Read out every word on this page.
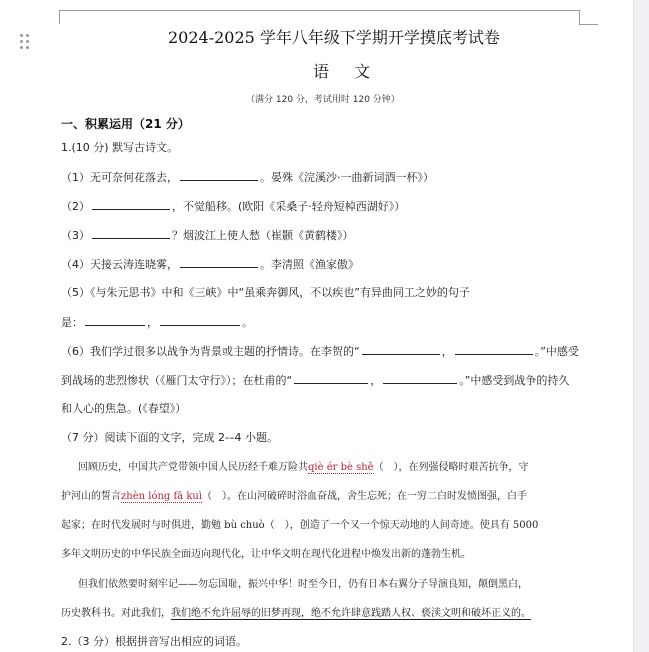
2024-2025 学年八年级下学期开学摸底考试卷
语 文
（满分 120 分，考试用时 120 分钟）
一、积累运用（21 分）
1.(10 分) 默写古诗文。
（1）无可奈何花落去，	。晏殊《浣溪沙·一曲新词酒一杯》）
（2）	，不觉船移。(欧阳《采桑子·轻舟短棹西湖好》）
（3）	？烟波江上使人愁（崔颢《黄鹤楼》）
（4）天接云涛连晓雾，	。李清照《渔家傲》
（5）《与朱元思书》中和《三峡》中“虽乘奔御风，不以疾也”有异曲同工之妙的句子
是：	，	。
（6）我们学过很多以战争为背景或主题的抒情诗。在李贺的“	，	。”中感受
到战场的悲烈惨状（《雁门太守行》）；在杜甫的“	，	。”中感受到战争的持久
和人心的焦急。(《春望》）
（7 分）阅读下面的文字，完成 2-–4 小题。
回顾历史，中国共产党带领中国人民历经千难万险共qiè ér bè shě（　），在列强侵略时艰苦抗争，守
护河山的誓言zhèn lóng fā kuì（　）。在山河破碎时浴血奋战，舍生忘死；在一穷二白时发愤图强，白手
起家；在时代发展时与时俱进，勤勉 bù chuò（　），创造了一个又一个惊天动地的人间奇迹。使具有 5000
多年文明历史的中华民族全面迈向现代化，让中华文明在现代化进程中焕发出新的蓬勃生机。
但我们依然要时刻牢记——勿忘国耻，振兴中华！时至今日，仍有日本右翼分子导演良知，颠倒黑白，
历史教科书。对此我们，我们绝不允许屈辱的旧梦再现，绝不允许肆意践踏人权、亵渎文明和破坏正义的。
2.（3 分）根据拼音写出相应的词语。
